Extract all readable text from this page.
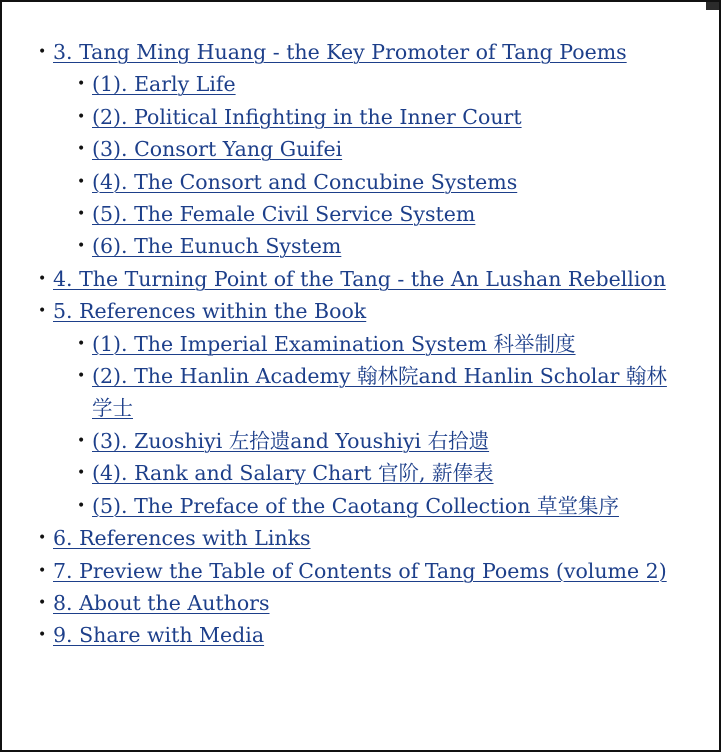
• 3. Tang Ming Huang - the Key Promoter of Tang Poems
• (1). Early Life
• (2). Political Infighting in the Inner Court
• (3). Consort Yang Guifei
• (4). The Consort and Concubine Systems
• (5). The Female Civil Service System
• (6). The Eunuch System
• 4. The Turning Point of the Tang - the An Lushan Rebellion
• 5. References within the Book
• (1). The Imperial Examination System 科举制度
• (2). The Hanlin Academy 翰林院and Hanlin Scholar 翰林学士
• (3). Zuoshiyi 左拾遗and Youshiyi 右拾遗
• (4). Rank and Salary Chart 官阶, 薪俸表
• (5). The Preface of the Caotang Collection 草堂集序
• 6. References with Links
• 7. Preview the Table of Contents of Tang Poems (volume 2)
• 8. About the Authors
• 9. Share with Media
